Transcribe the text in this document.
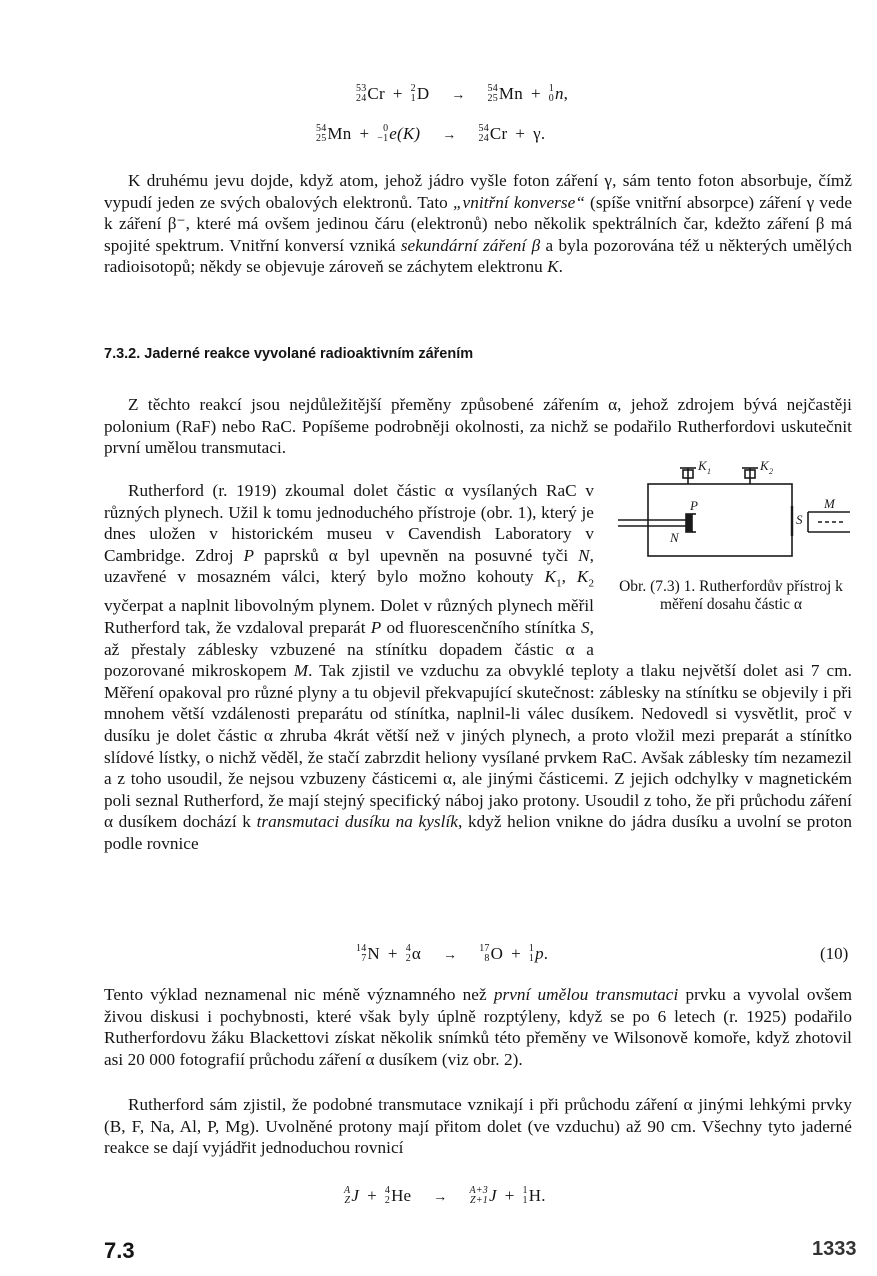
53
24 Cr + 2
1 D → 54
25 Mn + 1
0 n,
54
25 Mn +	0
−1 e(K) → 54
24 Cr + γ.

K druhému jevu dojde, když atom, jehož jádro vyšle foton záření γ, sám tento foton absorbuje, čímž vypudí jeden ze svých obalových elektronů. Tato „vnitřní konverse“ (spíše vnitřní absorpce) záření γ vede k záření β⁻, které má ovšem jedinou čáru (elektronů) nebo několik spektrálních čar, kdežto záření β má spojité spektrum. Vnitřní konversí vzniká sekundární záření β a byla pozorována též u některých umělých radioisotopů; někdy se objevuje zároveň se záchytem elektronu K.

7.3.2. Jaderné reakce vyvolané radioaktivním zářením

Z těchto reakcí jsou nejdůležitější přeměny způsobené zářením α, jehož zdrojem bývá nejčastěji polonium (RaF) nebo RaC. Popíšeme podrobněji okolnosti, za nichž se podařilo Rutherfordovi uskutečnit první umělou transmutaci.

K 1	K 2
P
N
S
M
Obr. (7.3) 1. Rutherfordův přístroj k měření dosahu částic α

Rutherford (r. 1919) zkoumal dolet částic α vysílaných RaC v různých plynech. Užil k tomu jednoduchého přístroje (obr. 1), který je dnes uložen v historickém museu v Cavendish Laboratory v Cambridge. Zdroj P paprsků α byl upevněn na posuvné tyči N, uzavřené v mosazném válci, který bylo možno kohouty $K_1$, $K_2$ vyčerpat a naplnit libovolným plynem. Dolet v různých plynech měřil Rutherford tak, že vzdaloval preparát P od fluorescenčního stínítka S, až přestaly záblesky vzbuzené na stínítku dopadem částic α a pozorované mikroskopem M. Tak zjistil ve vzduchu za obvyklé teploty a tlaku největší dolet asi 7 cm. Měření opakoval pro různé plyny a tu objevil překvapující skutečnost: záblesky na stínítku se objevily i při mnohem větší vzdálenosti preparátu od stínítka, naplnil-li válec dusíkem. Nedovedl si vysvětlit, proč v dusíku je dolet částic α zhruba 4krát větší než v jiných plynech, a proto vložil mezi preparát a stínítko slídové lístky, o nichž věděl, že stačí zabrzdit heliony vysílané prvkem RaC. Avšak záblesky tím nezamezil a z toho usoudil, že nejsou vzbuzeny částicemi α, ale jinými částicemi. Z jejich odchylky v magnetickém poli seznal Rutherford, že mají stejný specifický náboj jako protony. Usoudil z toho, že při průchodu záření α dusíkem dochází k transmutaci dusíku na kyslík, když helion vnikne do jádra dusíku a uvolní se proton podle rovnice

14
7 N + 4
2 α → 17
8 O + 1
1 p.	(10)

Tento výklad neznamenal nic méně významného než první umělou transmutaci prvku a vyvolal ovšem živou diskusi i pochybnosti, které však byly úplně rozptýleny, když se po 6 letech (r. 1925) podařilo Rutherfordovu žáku Blackettovi získat několik snímků této přeměny ve Wilsonově komoře, když zhotovil asi 20 000 fotografií průchodu záření α dusíkem (viz obr. 2).

Rutherford sám zjistil, že podobné transmutace vznikají i při průchodu záření α jinými lehkými prvky (B, F, Na, Al, P, Mg). Uvolněné protony mají přitom dolet (ve vzduchu) až 90 cm. Všechny tyto jaderné reakce se dají vyjádřit jednoduchou rovnicí

A
Z J + 4
2 He → A+3
Z+1 J + 1
1 H.
7.3	1333
